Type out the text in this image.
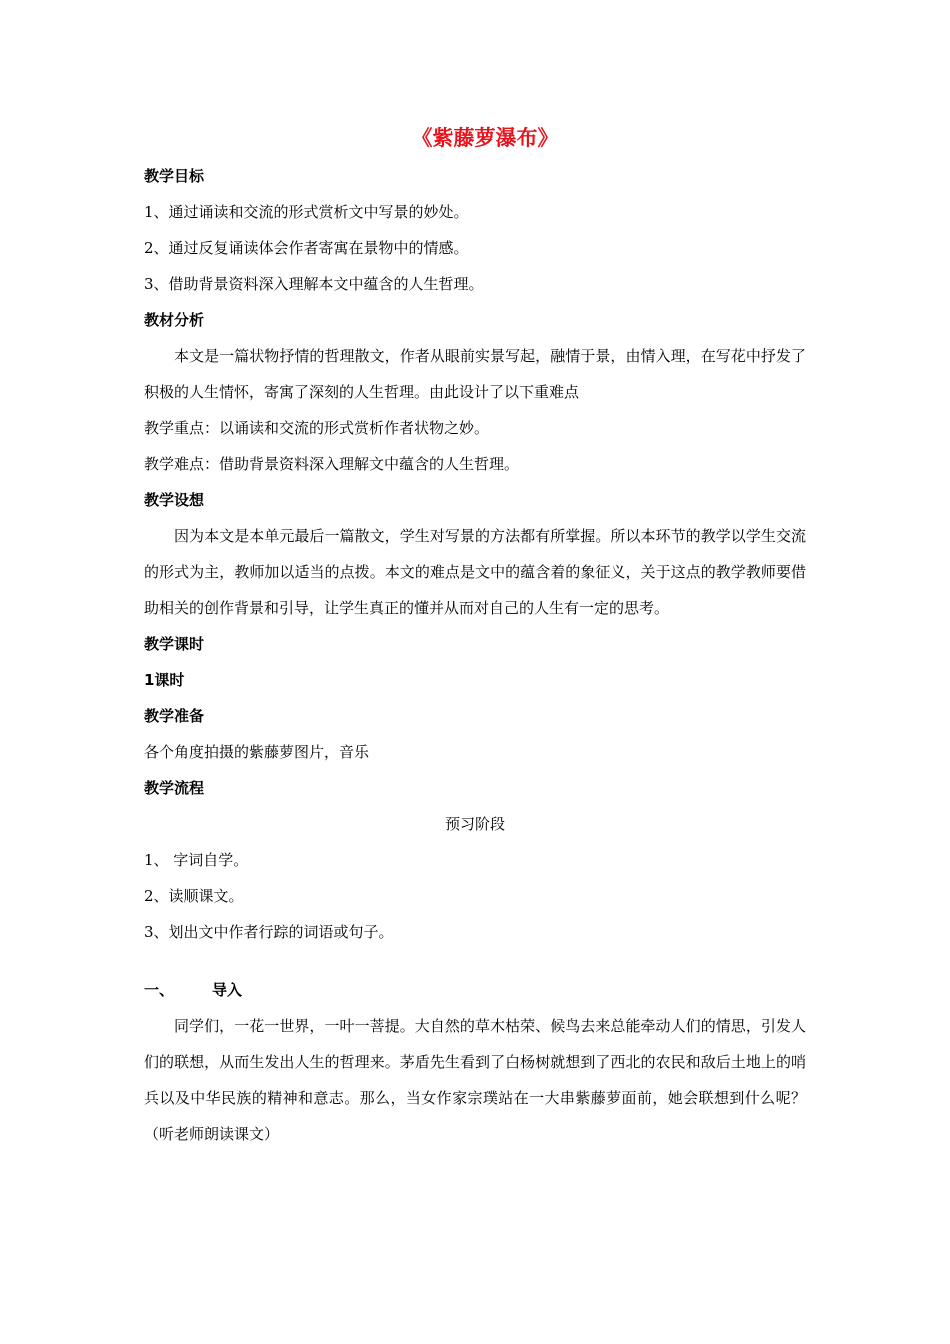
《紫藤萝瀑布》

教学目标

1、通过诵读和交流的形式赏析文中写景的妙处。

2、通过反复诵读体会作者寄寓在景物中的情感。

3、借助背景资料深入理解本文中蕴含的人生哲理。

教材分析

本文是一篇状物抒情的哲理散文，作者从眼前实景写起，融情于景，由情入理，在写花中抒发了积极的人生情怀，寄寓了深刻的人生哲理。由此设计了以下重难点

教学重点：以诵读和交流的形式赏析作者状物之妙。

教学难点：借助背景资料深入理解文中蕴含的人生哲理。

教学设想

因为本文是本单元最后一篇散文，学生对写景的方法都有所掌握。所以本环节的教学以学生交流的形式为主，教师加以适当的点拨。本文的难点是文中的蕴含着的象征义，关于这点的教学教师要借助相关的创作背景和引导，让学生真正的懂并从而对自己的人生有一定的思考。

教学课时

1课时

教学准备

各个角度拍摄的紫藤萝图片，音乐

教学流程

预习阶段

1、 字词自学。

2、读顺课文。

3、划出文中作者行踪的词语或句子。

一、	导入

同学们，一花一世界，一叶一菩提。大自然的草木枯荣、候鸟去来总能牵动人们的情思，引发人们的联想，从而生发出人生的哲理来。茅盾先生看到了白杨树就想到了西北的农民和敌后土地上的哨兵以及中华民族的精神和意志。那么，当女作家宗璞站在一大串紫藤萝面前，她会联想到什么呢？（听老师朗读课文）
